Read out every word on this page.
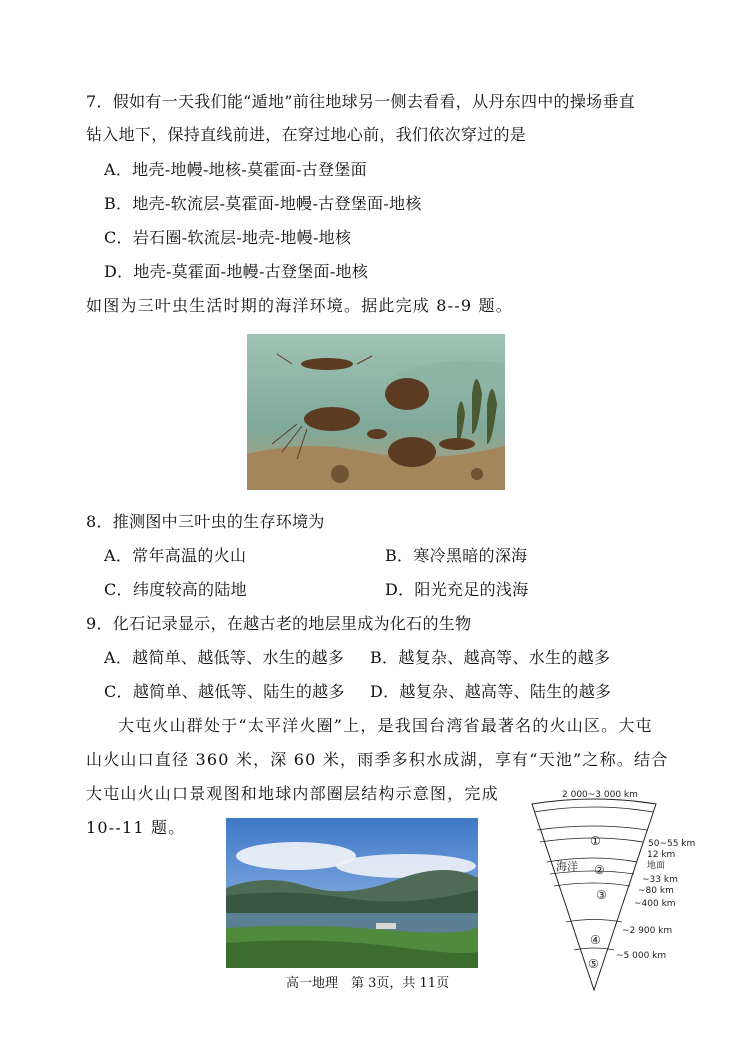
7．假如有一天我们能“遁地”前往地球另一侧去看看，从丹东四中的操场垂直
钻入地下，保持直线前进，在穿过地心前，我们依次穿过的是
A．地壳-地幔-地核-莫霍面-古登堡面
B．地壳-软流层-莫霍面-地幔-古登堡面-地核
C．岩石圈-软流层-地壳-地幔-地核
D．地壳-莫霍面-地幔-古登堡面-地核
如图为三叶虫生活时期的海洋环境。据此完成 8--9 题。
8．推测图中三叶虫的生存环境为
A．常年高温的火山	B．寒冷黑暗的深海
C．纬度较高的陆地	D．阳光充足的浅海
9．化石记录显示，在越古老的地层里成为化石的生物
A．越简单、越低等、水生的越多 B．越复杂、越高等、水生的越多
C．越简单、越低等、陆生的越多 D．越复杂、越高等、陆生的越多
大屯火山群处于“太平洋火圈”上，是我国台湾省最著名的火山区。大屯
山火山口直径 360 米，深 60 米，雨季多积水成湖，享有“天池”之称。结合
大屯山火山口景观图和地球内部圈层结构示意图，完成
10--11 题。
2 000~3 000 km
①
海洋 ②
③
④
⑤
50~55 km
12 km
地面
~33 km
~80 km
~400 km
~2 900 km
~5 000 km
高一地理　第 3页，共 11页
